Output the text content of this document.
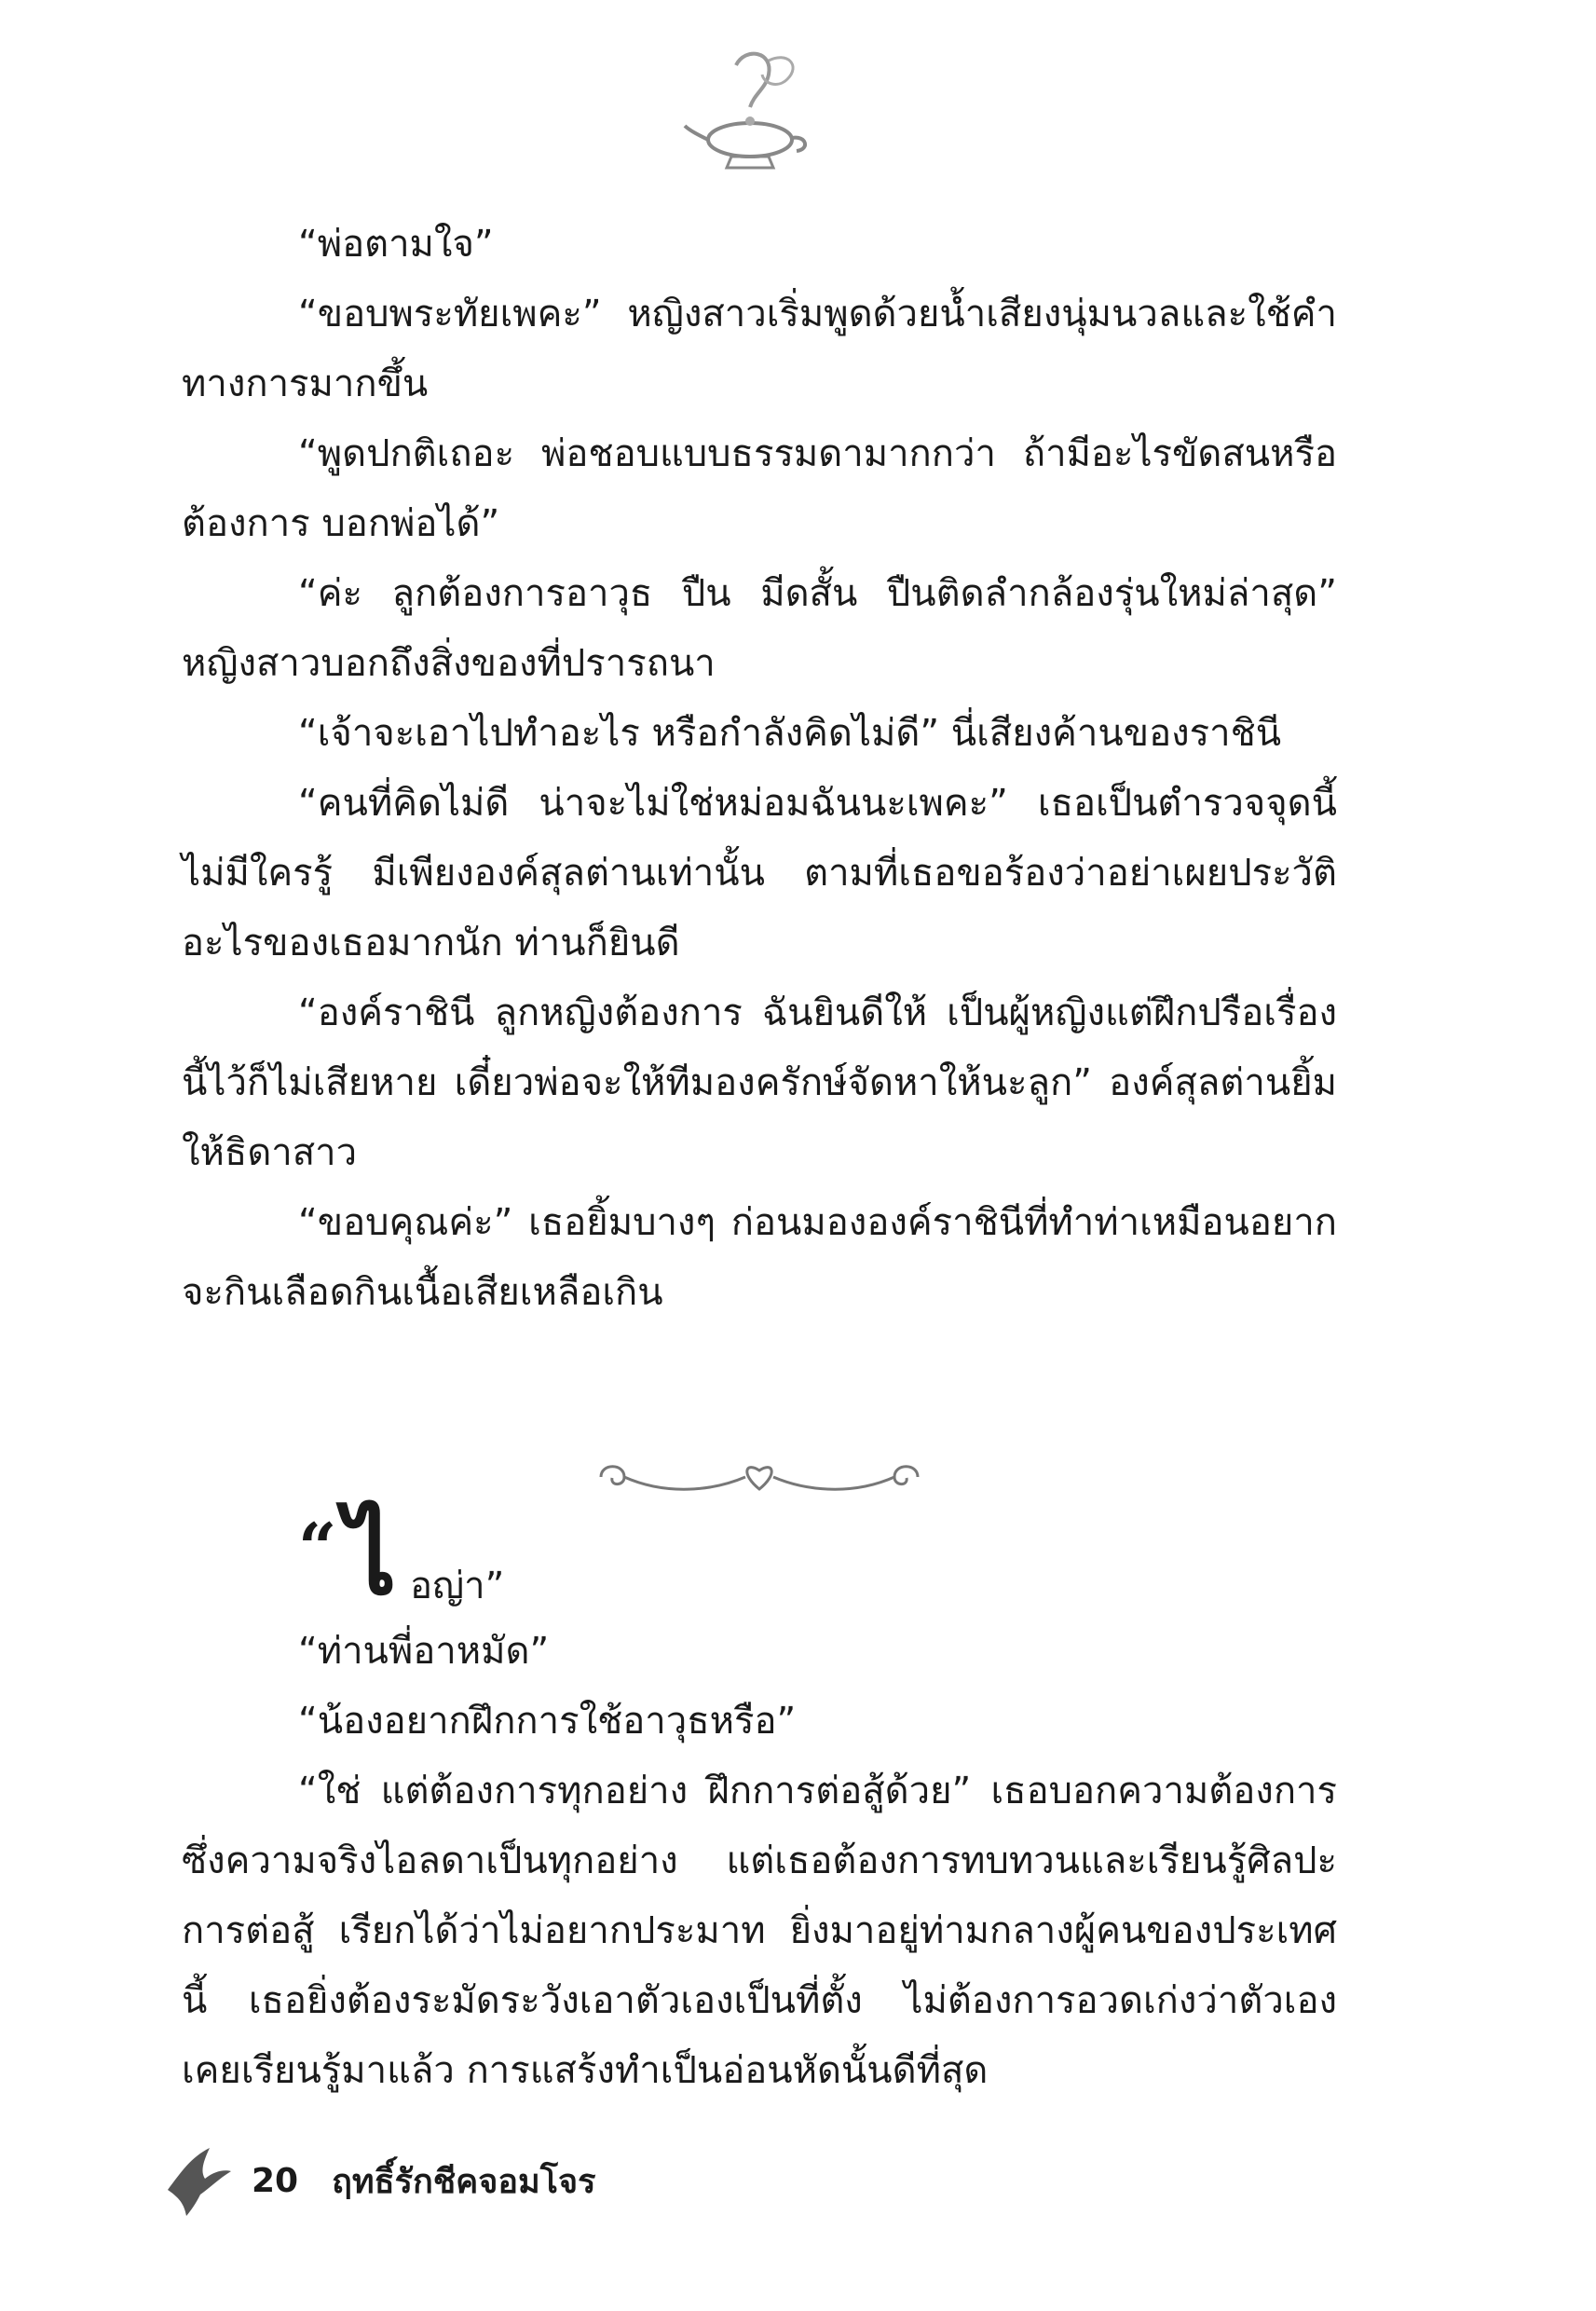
“พ่อตามใจ”

“ขอบพระทัยเพคะ” หญิงสาวเริ่มพูดด้วยน้ำเสียงนุ่มนวลและใช้คำทางการมากขึ้น

“พูดปกติเถอะ พ่อชอบแบบธรรมดามากกว่า ถ้ามีอะไรขัดสนหรือต้องการ บอกพ่อได้”

“ค่ะ ลูกต้องการอาวุธ ปืน มีดสั้น ปืนติดลำกล้องรุ่นใหม่ล่าสุด” หญิงสาวบอกถึงสิ่งของที่ปรารถนา

“เจ้าจะเอาไปทำอะไร หรือกำลังคิดไม่ดี” นี่เสียงค้านของราชินี

“คนที่คิดไม่ดี น่าจะไม่ใช่หม่อมฉันนะเพคะ” เธอเป็นตำรวจจุดนี้ไม่มีใครรู้ มีเพียงองค์สุลต่านเท่านั้น ตามที่เธอขอร้องว่าอย่าเผยประวัติอะไรของเธอมากนัก ท่านก็ยินดี

“องค์ราชินี ลูกหญิงต้องการ ฉันยินดีให้ เป็นผู้หญิงแต่ฝึกปรือเรื่องนี้ไว้ก็ไม่เสียหาย เดี๋ยวพ่อจะให้ทีมองครักษ์จัดหาให้นะลูก” องค์สุลต่านยิ้มให้ธิดาสาว

“ขอบคุณค่ะ” เธอยิ้มบางๆ ก่อนมององค์ราชินีที่ทำท่าเหมือนอยากจะกินเลือดกินเนื้อเสียเหลือเกิน

“ ไ อญ่า”

“ท่านพี่อาหมัด”

“น้องอยากฝึกการใช้อาวุธหรือ”

“ใช่ แต่ต้องการทุกอย่าง ฝึกการต่อสู้ด้วย” เธอบอกความต้องการซึ่งความจริงไอลดาเป็นทุกอย่าง แต่เธอต้องการทบทวนและเรียนรู้ศิลปะการต่อสู้ เรียกได้ว่าไม่อยากประมาท ยิ่งมาอยู่ท่ามกลางผู้คนของประเทศนี้ เธอยิ่งต้องระมัดระวังเอาตัวเองเป็นที่ตั้ง ไม่ต้องการอวดเก่งว่าตัวเองเคยเรียนรู้มาแล้ว การแสร้งทำเป็นอ่อนหัดนั้นดีที่สุด

20 ฤทธิ์รักชีคจอมโจร
